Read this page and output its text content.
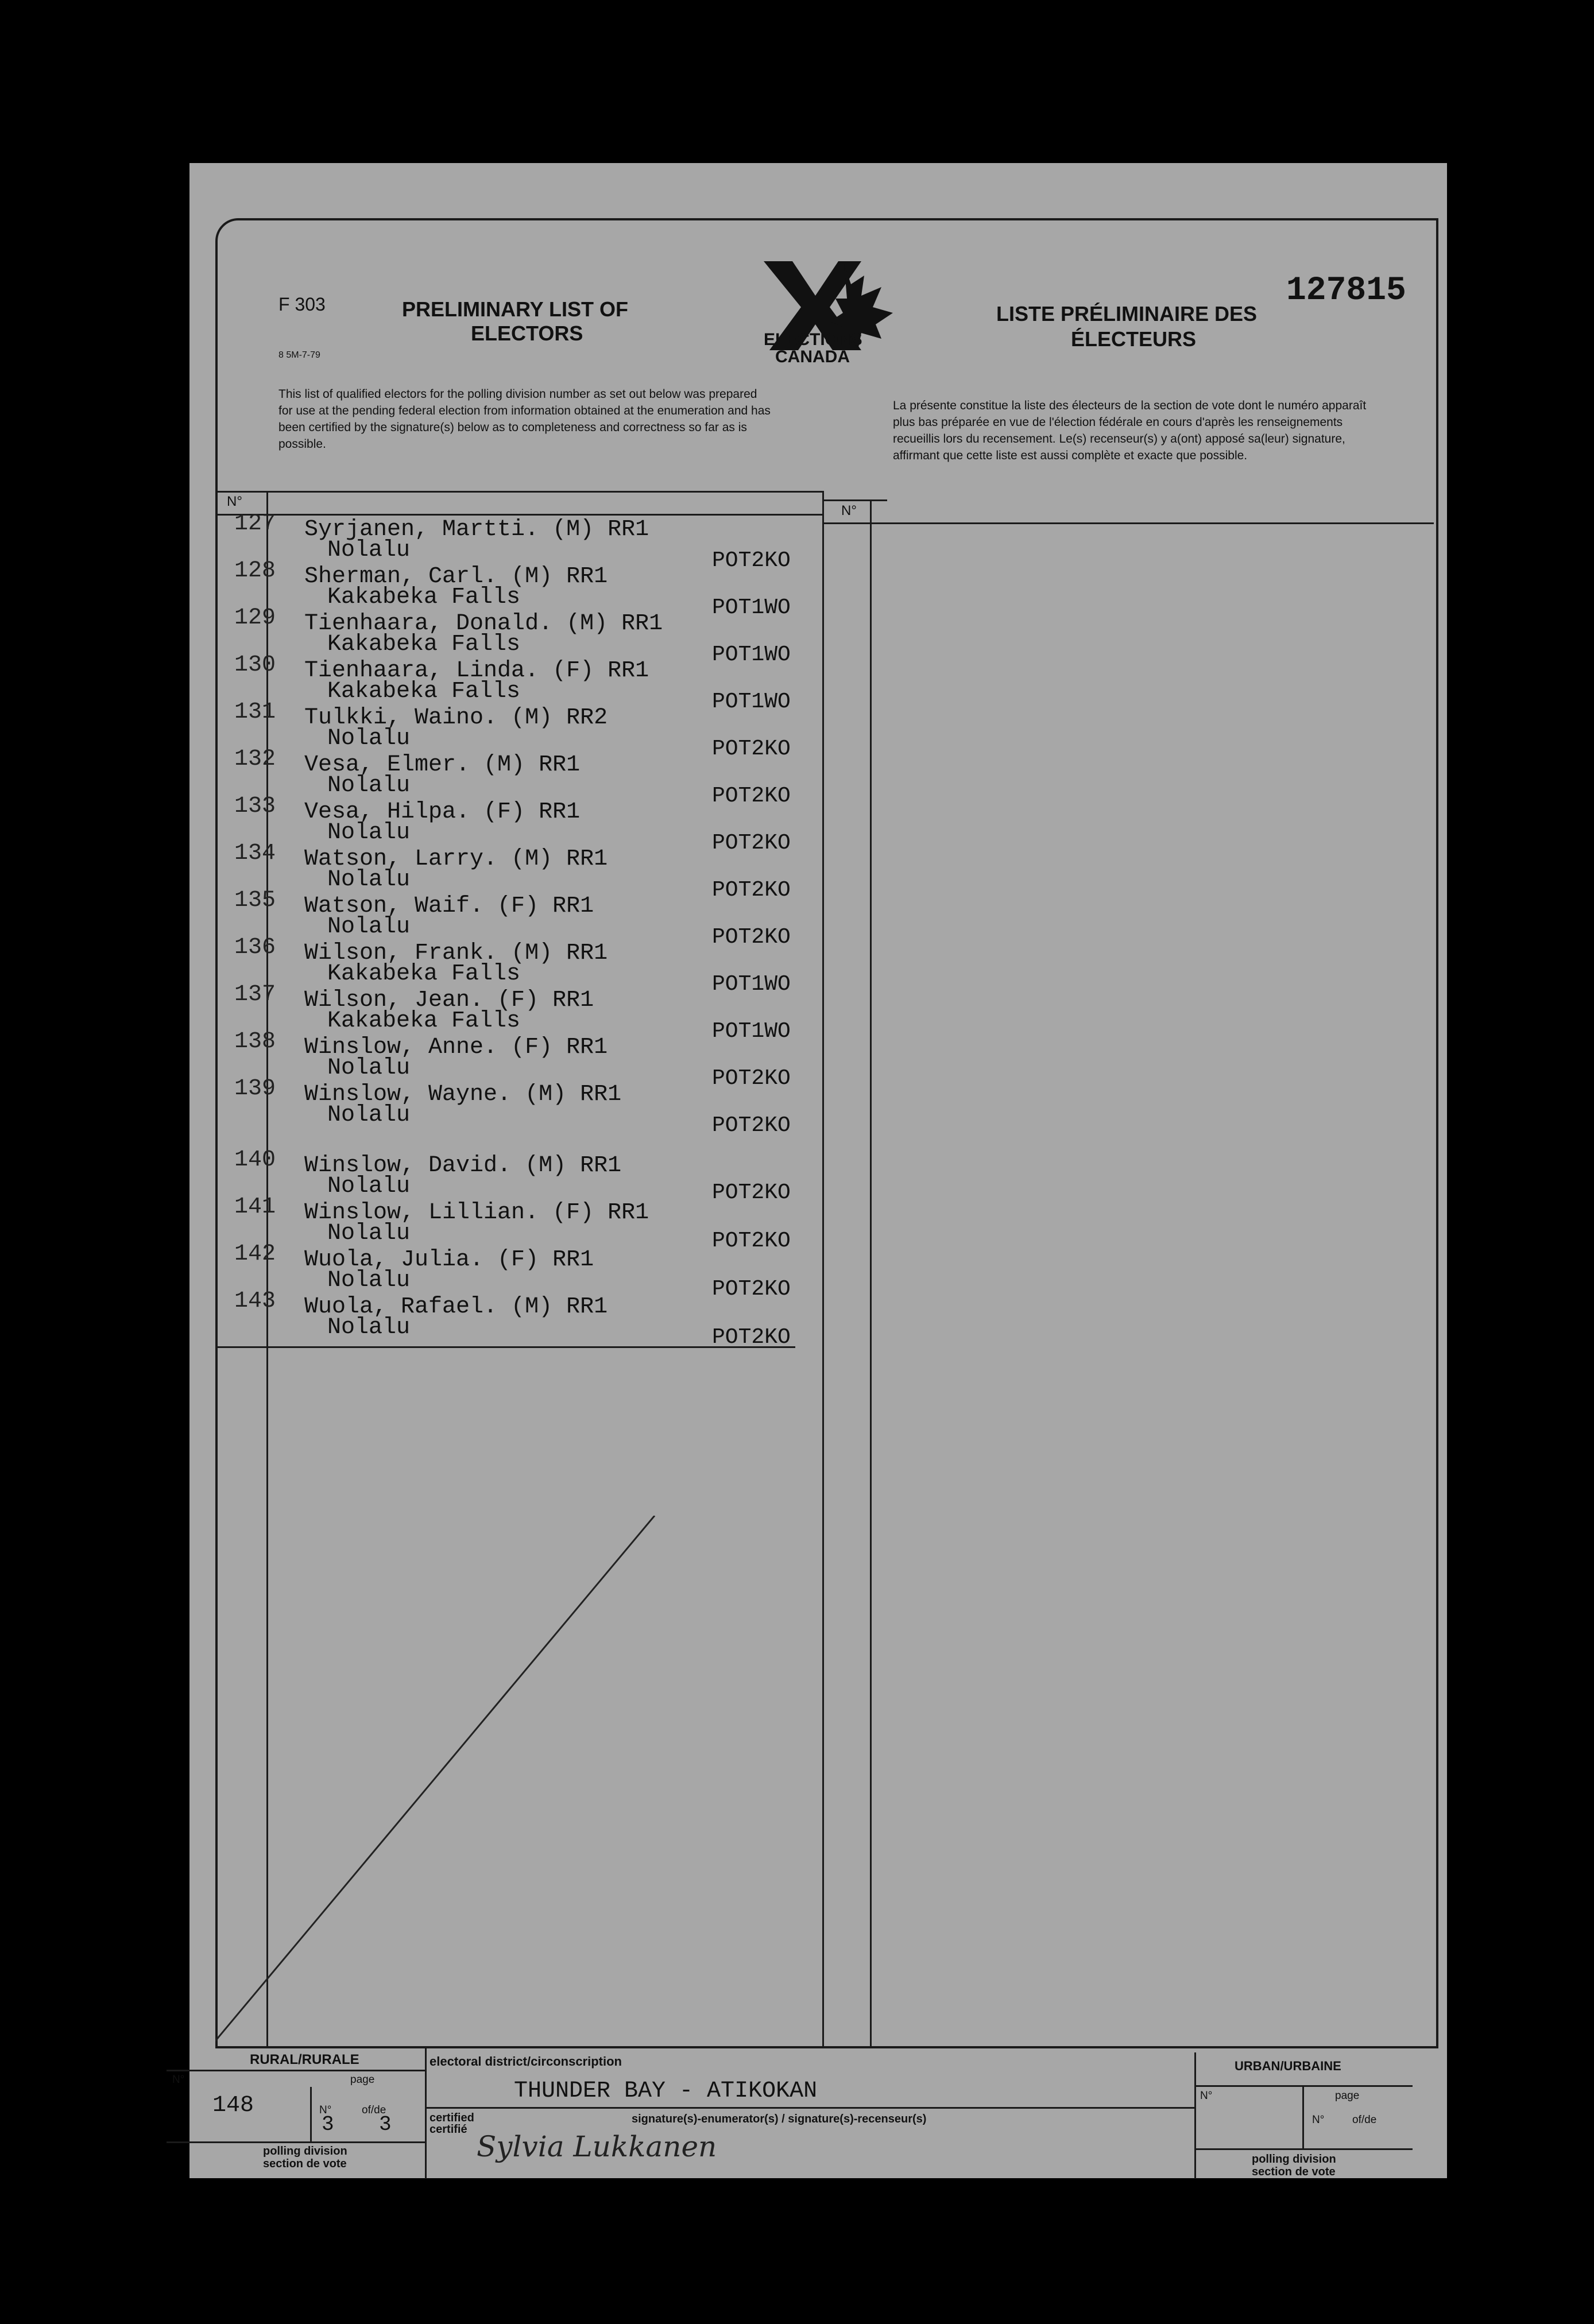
F 303
8 5M-7-79
PRELIMINARY LIST OF
ELECTORS	ELECTIONS
CANADA
LISTE PRÉLIMINAIRE DES
ÉLECTEURS
127815
This list of qualified electors for the polling division number as set out below was prepared for use at the pending federal election from information obtained at the enumeration and has been certified by the signature(s) below as to completeness and correctness so far as is possible.
La présente constitue la liste des électeurs de la section de vote dont le numéro apparaît plus bas préparée en vue de l'élection fédérale en cours d'après les renseignements recueillis lors du recensement. Le(s) recenseur(s) y a(ont) apposé sa(leur) signature, affirmant que cette liste est aussi complète et exacte que possible.
N°
N°
127 Syrjanen, Martti. (M) RR1
Nolalu	POT2KO
128 Sherman, Carl. (M) RR1
Kakabeka Falls	POT1WO
129 Tienhaara, Donald. (M) RR1
Kakabeka Falls	POT1WO
130 Tienhaara, Linda. (F) RR1
Kakabeka Falls	POT1WO
131 Tulkki, Waino. (M) RR2
Nolalu	POT2KO
132 Vesa, Elmer. (M) RR1
Nolalu	POT2KO
133 Vesa, Hilpa. (F) RR1
Nolalu	POT2KO
134 Watson, Larry. (M) RR1
Nolalu	POT2KO
135 Watson, Waif. (F) RR1
Nolalu	POT2KO
136 Wilson, Frank. (M) RR1
Kakabeka Falls	POT1WO
137 Wilson, Jean. (F) RR1
Kakabeka Falls	POT1WO
138 Winslow, Anne. (F) RR1
Nolalu	POT2KO
139 Winslow, Wayne. (M) RR1
Nolalu	POT2KO
140 Winslow, David. (M) RR1
Nolalu	POT2KO
141 Winslow, Lillian. (F) RR1
Nolalu	POT2KO
142 Wuola, Julia. (F) RR1
Nolalu	POT2KO
143 Wuola, Rafael. (M) RR1
Nolalu	POT2KO
RURAL/RURALE
page
N°
148	N°
3
of/de
3
polling division
section de vote
electoral district/circonscription
THUNDER BAY - ATIKOKAN
certified
certifié
signature(s)-enumerator(s) / signature(s)-recenseur(s)
Sylvia Lukkanen
URBAN/URBAINE
N°	page
N°	of/de
polling division
section de vote
